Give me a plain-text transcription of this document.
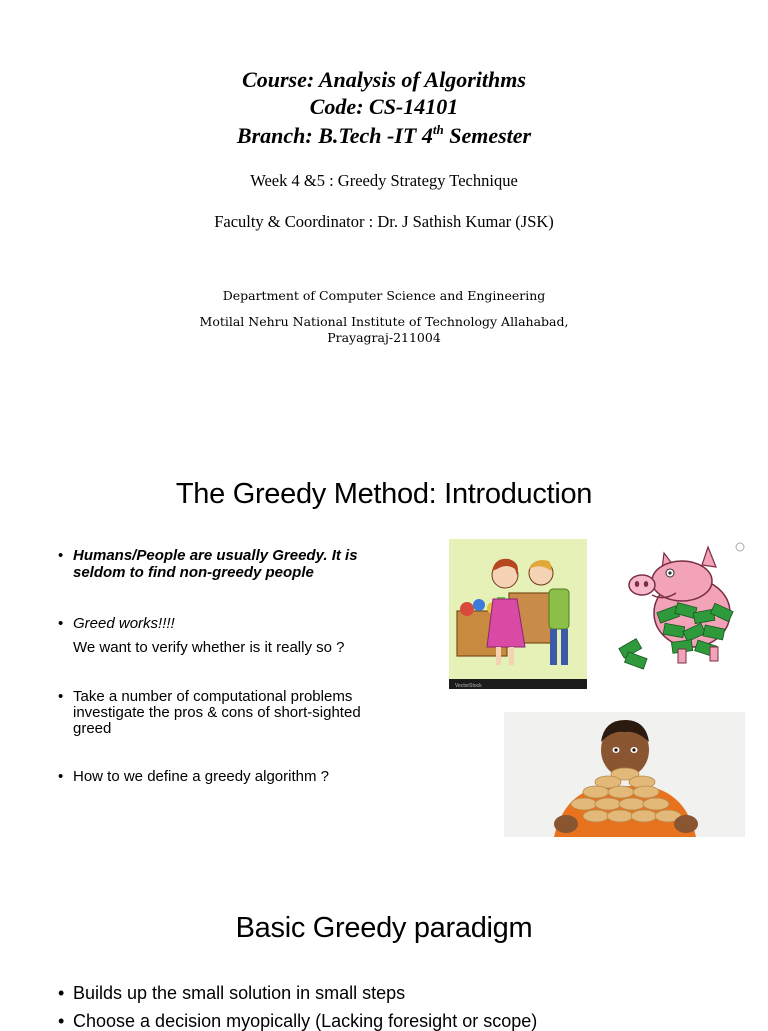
Course: Analysis of Algorithms
Code: CS-14101
Branch: B.Tech -IT 4th Semester
Week 4 &5 : Greedy Strategy Technique
Faculty & Coordinator : Dr. J Sathish Kumar (JSK)
Department of Computer Science and Engineering
Motilal Nehru National Institute of Technology Allahabad,
Prayagraj-211004
The Greedy Method: Introduction
• Humans/People are usually Greedy. It is
seldom to find non-greedy people
• Greed works!!!!
We want to verify whether is it really so ?
• Take a number of computational problems
investigate the pros & cons of short-sighted
greed
• How to we define a greedy algorithm ?
VectorStock
Basic Greedy paradigm
• Builds up the small solution in small steps
• Choose a decision myopically (Lacking foresight or scope)
